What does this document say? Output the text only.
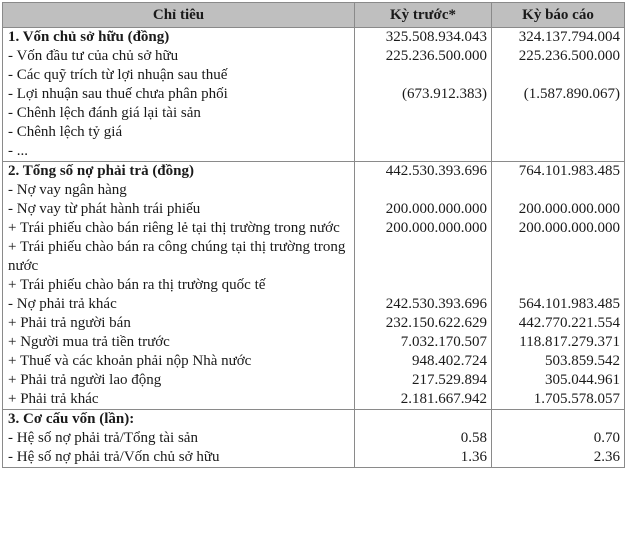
Chỉ tiêu	Kỳ trước*	Kỳ báo cáo
1. Vốn chủ sở hữu (đồng)	325.508.934.043	324.137.794.004
- Vốn đầu tư của chủ sở hữu	225.236.500.000	225.236.500.000
- Các quỹ trích từ lợi nhuận sau thuế		
- Lợi nhuận sau thuế chưa phân phối	(673.912.383)	(1.587.890.067)
- Chênh lệch đánh giá lại tài sản		
- Chênh lệch tỷ giá		
- ...		
2. Tổng số nợ phải trả (đồng)	442.530.393.696	764.101.983.485
- Nợ vay ngân hàng		
- Nợ vay từ phát hành trái phiếu	200.000.000.000	200.000.000.000
+ Trái phiếu chào bán riêng lẻ tại thị trường trong nước	200.000.000.000	200.000.000.000
+ Trái phiếu chào bán ra công chúng tại thị trường trong nước		
+ Trái phiếu chào bán ra thị trường quốc tế		
- Nợ phải trả khác	242.530.393.696	564.101.983.485
+ Phải trả người bán	232.150.622.629	442.770.221.554
+ Người mua trả tiền trước	7.032.170.507	118.817.279.371
+ Thuế và các khoản phải nộp Nhà nước	948.402.724	503.859.542
+ Phải trả người lao động	217.529.894	305.044.961
+ Phải trả khác	2.181.667.942	1.705.578.057
3. Cơ cấu vốn (lần):		
- Hệ số nợ phải trả/Tổng tài sản	0.58	0.70
- Hệ số nợ phải trả/Vốn chủ sở hữu	1.36	2.36
